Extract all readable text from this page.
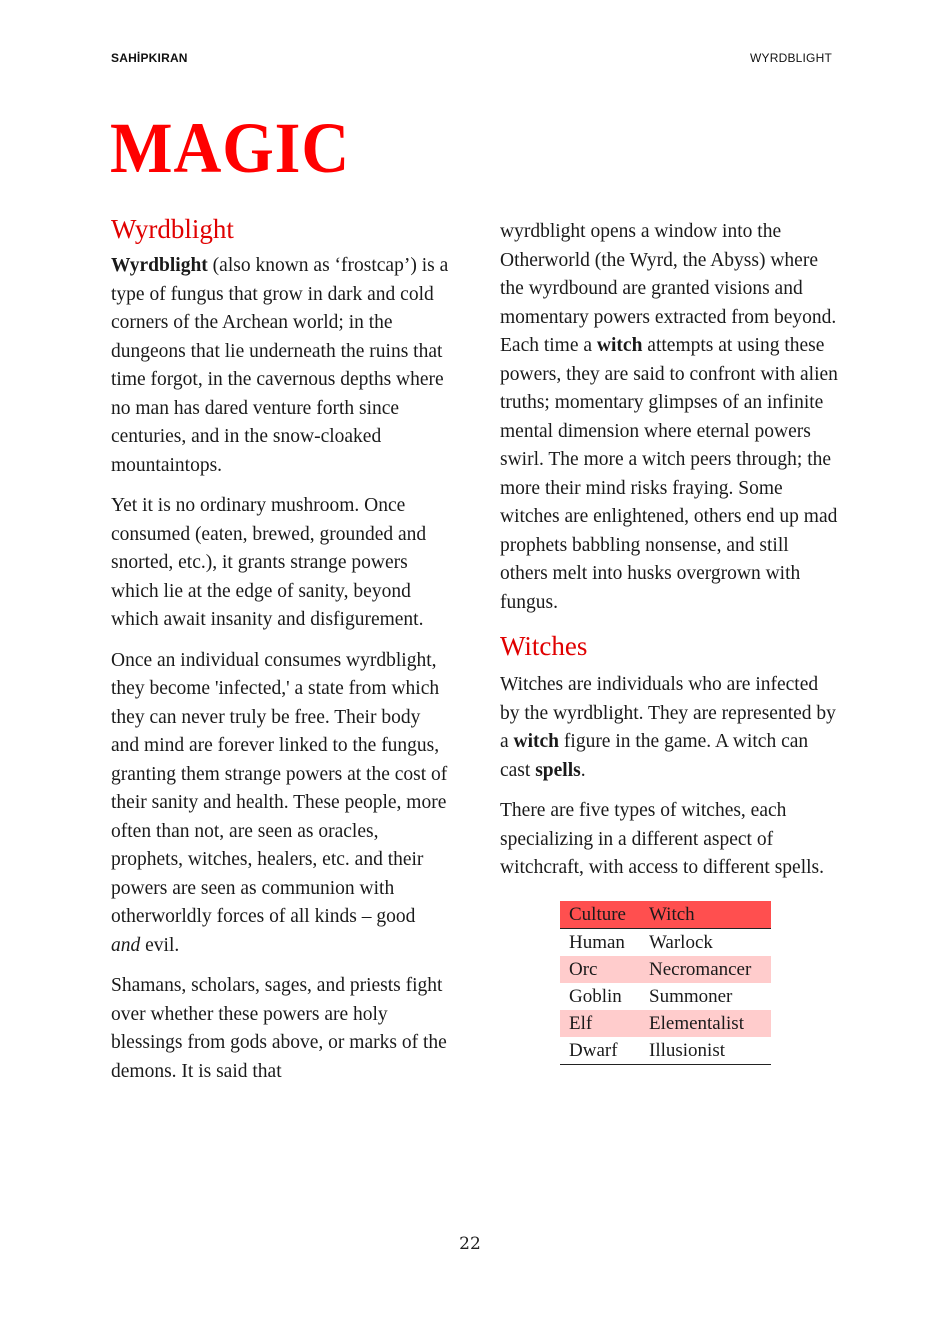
SAHİPKIRAN	WYRDBLIGHT
MAGIC
Wyrdblight

Wyrdblight (also known as ‘frostcap’) is a type of fungus that grow in dark and cold corners of the Archean world; in the dungeons that lie underneath the ruins that time forgot, in the cavernous depths where no man has dared venture forth since centuries, and in the snow-cloaked mountaintops.

Yet it is no ordinary mushroom. Once consumed (eaten, brewed, grounded and snorted, etc.), it grants strange powers which lie at the edge of sanity, beyond which await insanity and disfigurement.

Once an individual consumes wyrdblight, they become 'infected,' a state from which they can never truly be free. Their body and mind are forever linked to the fungus, granting them strange powers at the cost of their sanity and health. These people, more often than not, are seen as oracles, prophets, witches, healers, etc. and their powers are seen as communion with otherworldly forces of all kinds – good and evil.

Shamans, scholars, sages, and priests fight over whether these powers are holy blessings from gods above, or marks of the demons. It is said that

wyrdblight opens a window into the Otherworld (the Wyrd, the Abyss) where the wyrdbound are granted visions and momentary powers extracted from beyond. Each time a witch attempts at using these powers, they are said to confront with alien truths; momentary glimpses of an infinite mental dimension where eternal powers swirl. The more a witch peers through; the more their mind risks fraying. Some witches are enlightened, others end up mad prophets babbling nonsense, and still others melt into husks overgrown with fungus.

Witches

Witches are individuals who are infected by the wyrdblight. They are represented by a witch figure in the game. A witch can cast spells.

There are five types of witches, each specializing in a different aspect of witchcraft, with access to different spells.

Culture	Witch
Human	Warlock
Orc	Necromancer
Goblin	Summoner
Elf	Elementalist
Dwarf	Illusionist
22
